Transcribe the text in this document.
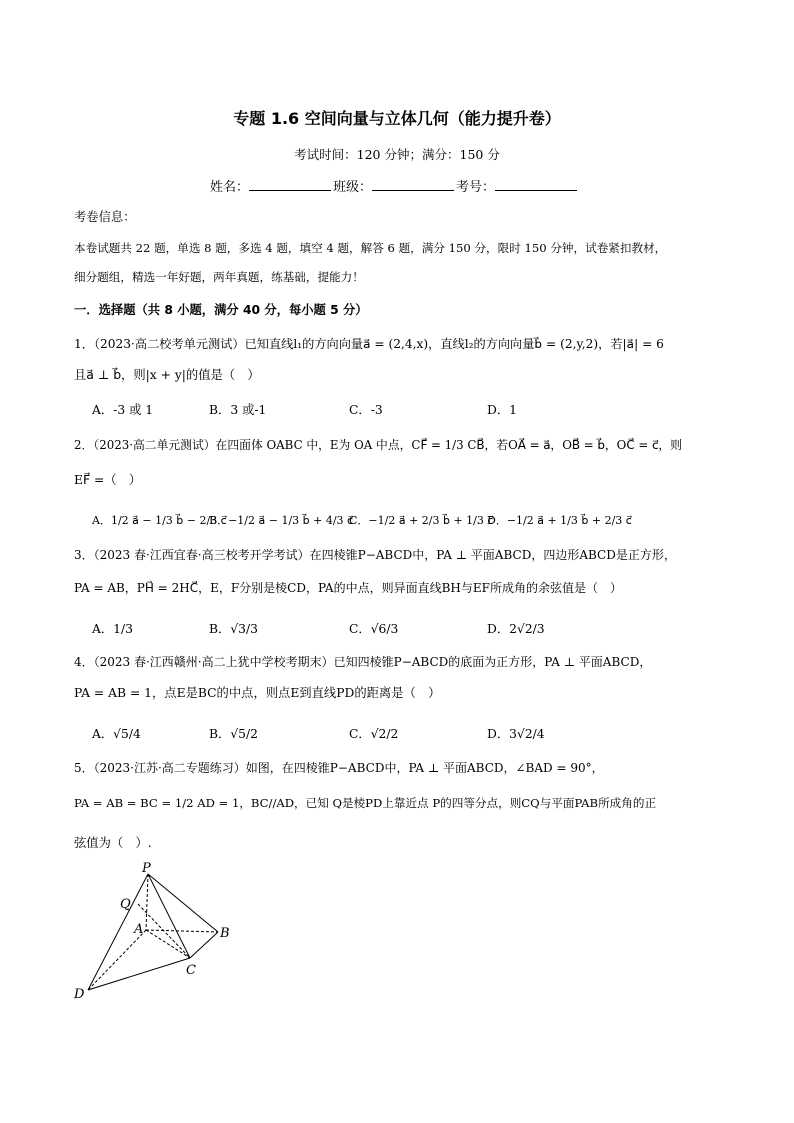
专题 1.6 空间向量与立体几何（能力提升卷）
考试时间：120 分钟；满分：150 分
姓名：	班级：	考号：
考卷信息：
本卷试题共 22 题，单选 8 题，多选 4 题，填空 4 题，解答 6 题，满分 150 分，限时 150 分钟，试卷紧扣教材，
细分题组，精选一年好题，两年真题，练基础，提能力！
一．选择题（共 8 小题，满分 40 分，每小题 5 分）
1．（2023·高二校考单元测试）已知直线l₁的方向向量a⃗ = (2,4,x)，直线l₂的方向向量b⃗ = (2,y,2)，若|a⃗| = 6
且a⃗ ⊥ b⃗，则|x + y|的值是（　）
A．-3 或 1	B．3 或-1	C．-3	D．1
2．（2023·高二单元测试）在四面体 OABC 中，E为 OA 中点，CF⃗ = 1/3 CB⃗，若OA⃗ = a⃗，OB⃗ = b⃗，OC⃗ = c⃗，则
EF⃗ =（　）
A．1/2 a⃗ − 1/3 b⃗ − 2/3 c⃗
B．−1/2 a⃗ − 1/3 b⃗ + 4/3 c⃗
C．−1/2 a⃗ + 2/3 b⃗ + 1/3 c⃗
D．−1/2 a⃗ + 1/3 b⃗ + 2/3 c⃗
3．（2023 春·江西宜春·高三校考开学考试）在四棱锥P−ABCD中，PA ⊥ 平面ABCD，四边形ABCD是正方形，
PA = AB，PH⃗ = 2HC⃗，E，F分别是棱CD，PA的中点，则异面直线BH与EF所成角的余弦值是（　）
A．1/3	B．√3/3	C．√6/3	D．2√2/3
4．（2023 春·江西赣州·高二上犹中学校考期末）已知四棱锥P−ABCD的底面为正方形，PA ⊥ 平面ABCD，
PA = AB = 1，点E是BC的中点，则点E到直线PD的距离是（　）
A．√5/4	B．√5/2	C．√2/2	D．3√2/4
5．（2023·江苏·高二专题练习）如图，在四棱锥P−ABCD中，PA ⊥ 平面ABCD，∠BAD = 90°，
PA = AB = BC = 1/2 AD = 1，BC//AD，已知 Q是棱PD上靠近点 P的四等分点，则CQ与平面PAB所成角的正
弦值为（　）.
P
Q
A	B
C
D
